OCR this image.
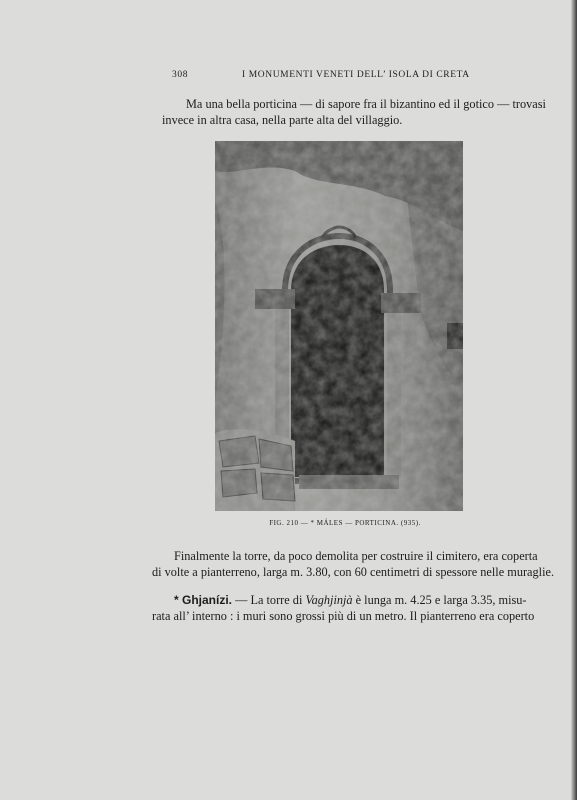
308	I MONUMENTI VENETI DELL’ ISOLA DI CRETA
Ma una bella porticina — di sapore fra il bizantino ed il gotico — trovasi
invece in altra casa, nella parte alta del villaggio.
FIG. 210 — * MÁLES — PORTICINA. (935).
Finalmente la torre, da poco demolita per costruire il cimitero, era coperta
di volte a pianterreno, larga m. 3.80, con 60 centimetri di spessore nelle muraglie.
* Ghjanízi. — La torre di Vaghjinjà è lunga m. 4.25 e larga 3.35, misu-
rata all’ interno : i muri sono grossi più di un metro. Il pianterreno era coperto
